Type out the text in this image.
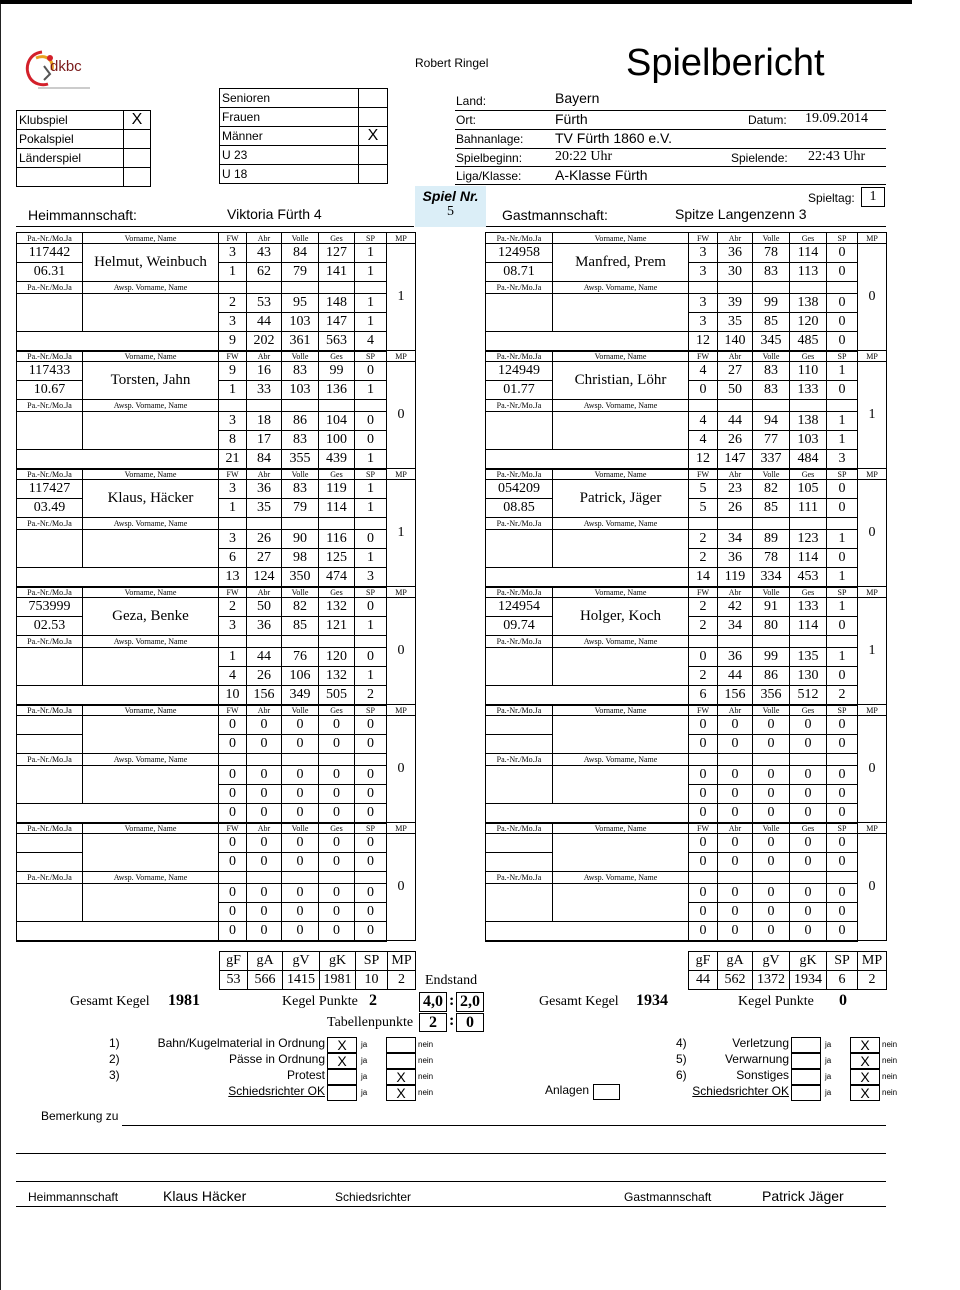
dkbc	Robert Ringel	Spielbericht
Klubspiel	X
Pokalspiel	
Länderspiel	

Senioren	
Frauen	
Männer	X
U 23	
U 18	
Land:	Bayern
Ort:	Fürth	Datum: 19.09.2014
Bahnanlage: TV Fürth 1860 e.V.
Spielbeginn: 20:22 Uhr	Spielende: 22:43 Uhr
Liga/Klasse: A-Klasse Fürth
Spieltag:	1
Spiel Nr.
5
Heimmannschaft:	Viktoria Fürth 4	Gastmannschaft:	Spitze Langenzenn 3
Pa.-Nr./Mo.Ja	Vorname, Name	FW	Abr	Volle	Ges	SP	MP
117442	Helmut, Weinbuch	3	43	84	127	1	1
06.31		1	62	79	141	1	
Pa.-Nr./Mo.Ja	Awsp. Vorname, Name						
		2	53	95	148	1	
		3	44	103	147	1	
		9	202	361	563	4	
Pa.-Nr./Mo.Ja	Vorname, Name	FW	Abr	Volle	Ges	SP	MP
117433	Torsten, Jahn	9	16	83	99	0	0
10.67		1	33	103	136	1	
Pa.-Nr./Mo.Ja	Awsp. Vorname, Name						
		3	18	86	104	0	
		8	17	83	100	0	
		21	84	355	439	1	
Pa.-Nr./Mo.Ja	Vorname, Name	FW	Abr	Volle	Ges	SP	MP
117427	Klaus, Häcker	3	36	83	119	1	1
03.49		1	35	79	114	1	
Pa.-Nr./Mo.Ja	Awsp. Vorname, Name						
		3	26	90	116	0	
		6	27	98	125	1	
		13	124	350	474	3	
Pa.-Nr./Mo.Ja	Vorname, Name	FW	Abr	Volle	Ges	SP	MP
753999	Geza, Benke	2	50	82	132	0	0
02.53		3	36	85	121	1	
Pa.-Nr./Mo.Ja	Awsp. Vorname, Name						
		1	44	76	120	0	
		4	26	106	132	1	
		10	156	349	505	2	
Pa.-Nr./Mo.Ja	Vorname, Name	FW	Abr	Volle	Ges	SP	MP
		0	0	0	0	0	0
		0	0	0	0	0	
Pa.-Nr./Mo.Ja	Awsp. Vorname, Name						
		0	0	0	0	0	
		0	0	0	0	0	
		0	0	0	0	0	
Pa.-Nr./Mo.Ja	Vorname, Name	FW	Abr	Volle	Ges	SP	MP
		0	0	0	0	0	0
		0	0	0	0	0	
Pa.-Nr./Mo.Ja	Awsp. Vorname, Name						
		0	0	0	0	0	
		0	0	0	0	0	
		0	0	0	0	0	
Pa.-Nr./Mo.Ja	Vorname, Name	FW	Abr	Volle	Ges	SP	MP
124958	Manfred, Prem	3	36	78	114	0	0
08.71		3	30	83	113	0	
Pa.-Nr./Mo.Ja	Awsp. Vorname, Name						
		3	39	99	138	0	
		3	35	85	120	0	
		12	140	345	485	0	
Pa.-Nr./Mo.Ja	Vorname, Name	FW	Abr	Volle	Ges	SP	MP
124949	Christian, Löhr	4	27	83	110	1	1
01.77		0	50	83	133	0	
Pa.-Nr./Mo.Ja	Awsp. Vorname, Name						
		4	44	94	138	1	
		4	26	77	103	1	
		12	147	337	484	3	
Pa.-Nr./Mo.Ja	Vorname, Name	FW	Abr	Volle	Ges	SP	MP
054209	Patrick, Jäger	5	23	82	105	0	0
08.85		5	26	85	111	0	
Pa.-Nr./Mo.Ja	Awsp. Vorname, Name						
		2	34	89	123	1	
		2	36	78	114	0	
		14	119	334	453	1	
Pa.-Nr./Mo.Ja	Vorname, Name	FW	Abr	Volle	Ges	SP	MP
124954	Holger, Koch	2	42	91	133	1	1
09.74		2	34	80	114	0	
Pa.-Nr./Mo.Ja	Awsp. Vorname, Name						
		0	36	99	135	1	
		2	44	86	130	0	
		6	156	356	512	2	
Pa.-Nr./Mo.Ja	Vorname, Name	FW	Abr	Volle	Ges	SP	MP
		0	0	0	0	0	0
		0	0	0	0	0	
Pa.-Nr./Mo.Ja	Awsp. Vorname, Name						
		0	0	0	0	0	
		0	0	0	0	0	
		0	0	0	0	0	
Pa.-Nr./Mo.Ja	Vorname, Name	FW	Abr	Volle	Ges	SP	MP
		0	0	0	0	0	0
		0	0	0	0	0	
Pa.-Nr./Mo.Ja	Awsp. Vorname, Name						
		0	0	0	0	0	
		0	0	0	0	0	
		0	0	0	0	0	
gF	gA	gV	gK	SP	MP
53	566	1415	1981	10	2
gF	gA	gV	gK	SP	MP
44	562	1372	1934	6	2
Endstand
Gesamt Kegel 1981	Kegel Punkte 2	4,0 : 2,0	Gesamt Kegel 1934	Kegel Punkte 0
Tabellenpunkte 2 : 0
1)	Bahn/Kugelmaterial in Ordnung X	ja	nein
2)	Pässe in Ordnung X	ja	nein
3)	Protest	ja	X	nein
Schiedsrichter OK	ja	X	nein
4)	Verletzung	ja	X	nein
5)	Verwarnung	ja	X	nein
6)	Sonstiges	ja	X	nein
Schiedsrichter OK	ja	X	nein
Anlagen
Bemerkung zu
Heimmannschaft	Klaus Häcker	Schiedsrichter	Gastmannschaft	Patrick Jäger
